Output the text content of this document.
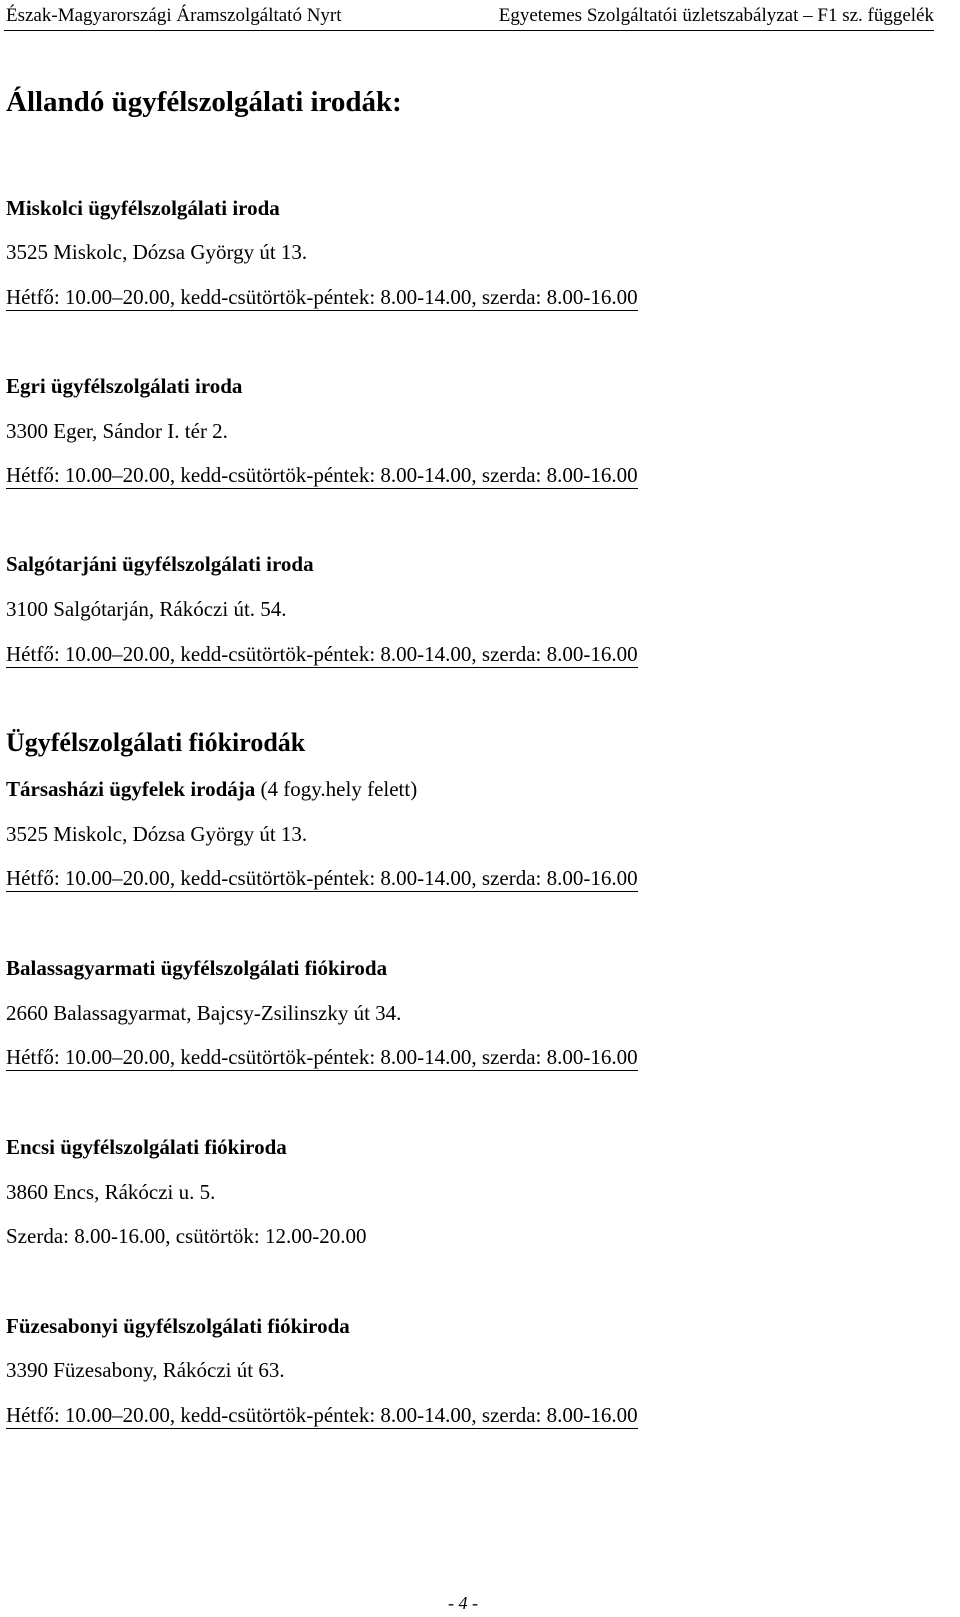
Észak-Magyarországi Áramszolgáltató Nyrt	Egyetemes Szolgáltatói üzletszabályzat – F1 sz. függelék
Állandó ügyfélszolgálati irodák:
Miskolci ügyfélszolgálati iroda
3525 Miskolc, Dózsa György út 13.
Hétfő: 10.00–20.00, kedd-csütörtök-péntek: 8.00-14.00, szerda: 8.00-16.00
Egri ügyfélszolgálati iroda
3300 Eger, Sándor I. tér 2.
Hétfő: 10.00–20.00, kedd-csütörtök-péntek: 8.00-14.00, szerda: 8.00-16.00
Salgótarjáni ügyfélszolgálati iroda
3100 Salgótarján, Rákóczi út. 54.
Hétfő: 10.00–20.00, kedd-csütörtök-péntek: 8.00-14.00, szerda: 8.00-16.00
Ügyfélszolgálati fiókirodák
Társasházi ügyfelek irodája (4 fogy.hely felett)
3525 Miskolc, Dózsa György út 13.
Hétfő: 10.00–20.00, kedd-csütörtök-péntek: 8.00-14.00, szerda: 8.00-16.00
Balassagyarmati ügyfélszolgálati fiókiroda
2660 Balassagyarmat, Bajcsy-Zsilinszky út 34.
Hétfő: 10.00–20.00, kedd-csütörtök-péntek: 8.00-14.00, szerda: 8.00-16.00
Encsi ügyfélszolgálati fiókiroda
3860 Encs, Rákóczi u. 5.
Szerda: 8.00-16.00, csütörtök: 12.00-20.00
Füzesabonyi ügyfélszolgálati fiókiroda
3390 Füzesabony, Rákóczi út 63.
Hétfő: 10.00–20.00, kedd-csütörtök-péntek: 8.00-14.00, szerda: 8.00-16.00
- 4 -
